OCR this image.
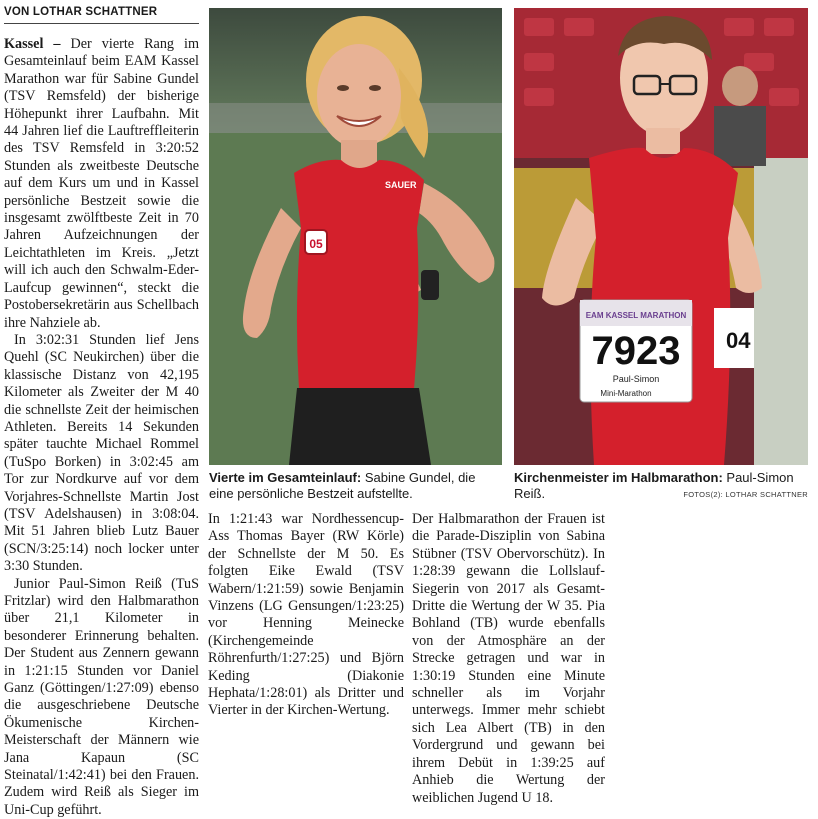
VON LOTHAR SCHATTNER

Kassel – Der vierte Rang im Gesamteinlauf beim EAM Kassel Marathon war für Sabine Gundel (TSV Remsfeld) der bisherige Höhepunkt ihrer Laufbahn. Mit 44 Jahren lief die Lauftreffleiterin des TSV Remsfeld in 3:20:52 Stunden als zweitbeste Deutsche auf dem Kurs um und in Kassel persönliche Bestzeit sowie die insgesamt zwölftbeste Zeit in 70 Jahren Aufzeichnungen der Leichtathleten im Kreis. „Jetzt will ich auch den Schwalm-Eder-Laufcup gewinnen“, steckt die Postobersekretärin aus Schellbach ihre Nahziele ab.

In 3:02:31 Stunden lief Jens Quehl (SC Neukirchen) über die klassische Distanz von 42,195 Kilometer als Zweiter der M 40 die schnellste Zeit der heimischen Athleten. Bereits 14 Sekunden später tauchte Michael Rommel (TuSpo Borken) in 3:02:45 am Tor zur Nordkurve auf vor dem Vorjahres-Schnellste Martin Jost (TSV Adelshausen) in 3:08:04. Mit 51 Jahren blieb Lutz Bauer (SCN/3:25:14) noch locker unter 3:30 Stunden.

Junior Paul-Simon Reiß (TuS Fritzlar) wird den Halbmarathon über 21,1 Kilometer in besonderer Erinnerung behalten. Der Student aus Zennern gewann in 1:21:15 Stunden vor Daniel Ganz (Göttingen/1:27:09) ebenso die ausgeschriebene Deutsche Ökumenische Kirchen-Meisterschaft der Männern wie Jana Kapaun (SC Steinatal/1:42:41) bei den Frauen. Zudem wird Reiß als Sieger im Uni-Cup geführt.

In 1:21:43 war Nordhessencup-Ass Thomas Bayer (RW Körle) der Schnellste der M 50. Es folgten Eike Ewald (TSV Wabern/1:21:59) sowie Benjamin Vinzens (LG Gensungen/1:23:25) vor Henning Meinecke (Kirchengemeinde Röhrenfurth/1:27:25) und Björn Keding (Diakonie Hephata/1:28:01) als Dritter und Vierter in der Kirchen-Wertung.

Der Halbmarathon der Frauen ist die Parade-Disziplin von Sabina Stübner (TSV Obervorschütz). In 1:28:39 gewann die Lollslauf-Siegerin von 2017 als Gesamt-Dritte die Wertung der W 35. Pia Bohland (TB) wurde ebenfalls von der Atmosphäre an der Strecke getragen und war in 1:30:19 Stunden eine Minute schneller als im Vorjahr unterwegs. Immer mehr schiebt sich Lea Albert (TB) in den Vordergrund und gewann bei ihrem Debüt in 1:39:25 auf Anhieb die Wertung der weiblichen Jugend U 18.

05
SAUER
EAM KASSEL MARATHON
7923
Paul-Simon
Mini-Marathon
04
Vierte im Gesamteinlauf: Sabine Gundel, die eine persönliche Bestzeit aufstellte.
Kirchenmeister im Halbmarathon: Paul-Simon Reiß.	FOTOS(2): LOTHAR SCHATTNER
